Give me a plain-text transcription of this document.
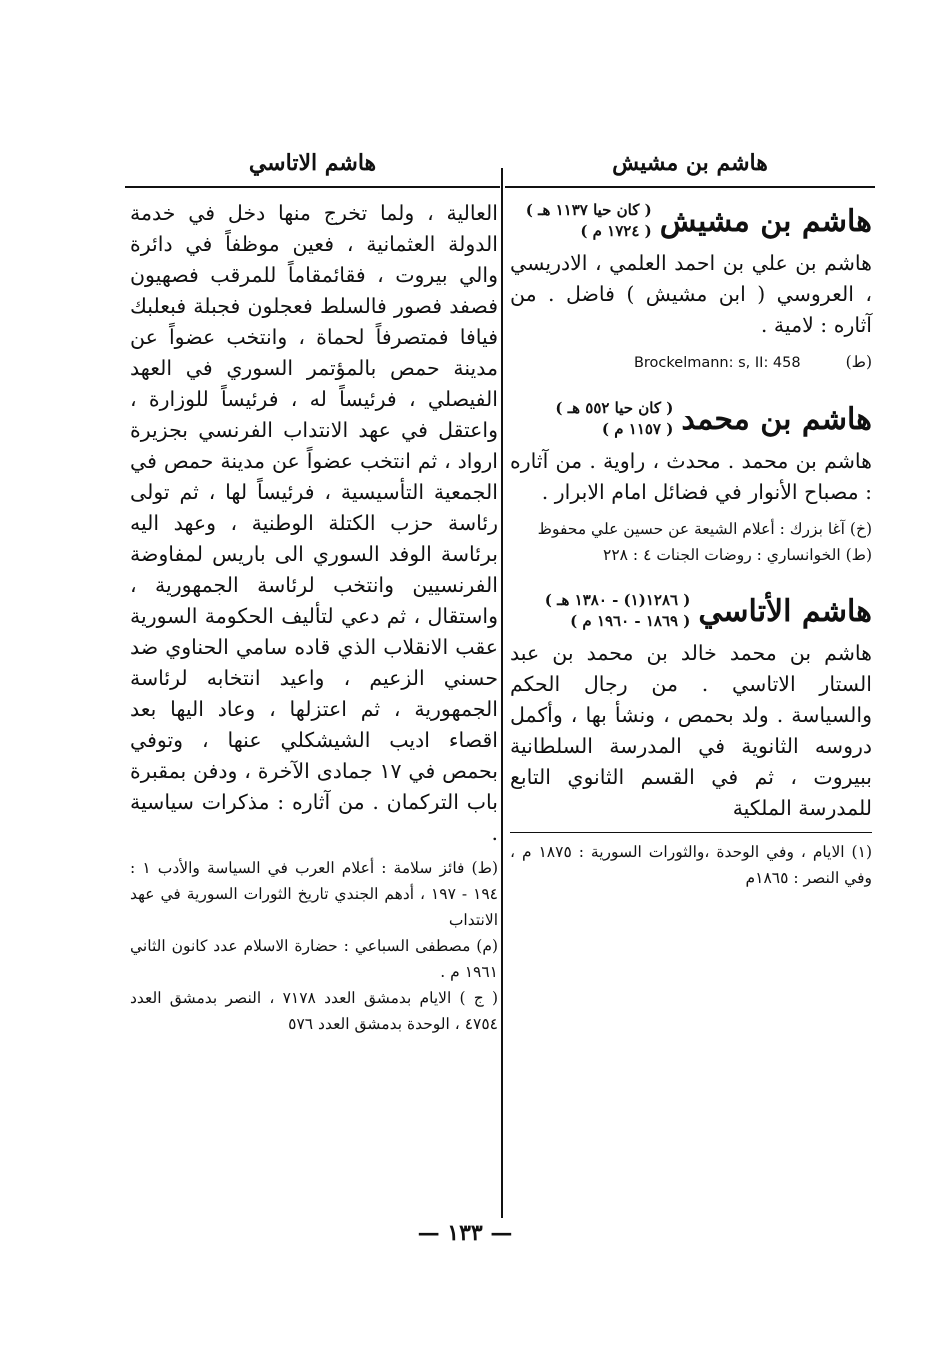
هاشم الاتاسي	هاشم بن مشيش
هاشم بن مشيش
( كان حيا ١١٣٧ هـ )
( ١٧٢٤ م )
هاشم بن علي بن احمد العلمي ، الادريسي ، العروسي ( ابن مشيش ) فاضل . من آثاره : لامية .
(ط) Brockelmann: s, II: 458
هاشم بن محمد
( كان حيا ٥٥٢ هـ )
( ١١٥٧ م )
هاشم بن محمد . محدث ، راوية . من آثاره : مصباح الأنوار في فضائل امام الابرار .
(خ) آغا بزرك : أعلام الشيعة عن حسين علي محفوظ
(ط) الخوانساري : روضات الجنات ٤ : ٢٢٨
هاشم الأتاسي
( ١٢٨٦(١) - ١٣٨٠ هـ )
( ١٨٦٩ - ١٩٦٠ م )
هاشم بن محمد خالد بن محمد بن عبد الستار الاتاسي . من رجال الحكم والسياسة . ولد بحمص ، ونشأ بها ، وأكمل دروسه الثانوية في المدرسة السلطانية ببيروت ، ثم في القسم الثانوي التابع للمدرسة الملكية
(١) الايام ، وفي الوحدة ،والثورات السورية : ١٨٧٥ م ، وفي النصر : ١٨٦٥م
العالية ، ولما تخرج منها دخل في خدمة الدولة العثمانية ، فعين موظفاً في دائرة والي بيروت ، فقائمقاماً للمرقب فصهيون فصفد فصور فالسلط فعجلون فجبلة فبعلبك فيافا فمتصرفاً لحماة ، وانتخب عضواً عن مدينة حمص بالمؤتمر السوري في العهد الفيصلي ، فرئيساً له ، فرئيساً للوزارة ، واعتقل في عهد الانتداب الفرنسي بجزيرة ارواد ، ثم انتخب عضواً عن مدينة حمص في الجمعية التأسيسية ، فرئيساً لها ، ثم تولى رئاسة حزب الكتلة الوطنية ، وعهد اليه برئاسة الوفد السوري الى باريس لمفاوضة الفرنسيين وانتخب لرئاسة الجمهورية ، واستقال ، ثم دعي لتأليف الحكومة السورية عقب الانقلاب الذي قاده سامي الحناوي ضد حسني الزعيم ، واعيد انتخابه لرئاسة الجمهورية ، ثم اعتزلها ، وعاد اليها بعد اقصاء اديب الشيشكلي عنها ، وتوفي بحمص في ١٧ جمادى الآخرة ، ودفن بمقبرة باب التركمان . من آثاره : مذكرات سياسية .
(ط) فائز سلامة : أعلام العرب في السياسة والأدب ١ : ١٩٤ - ١٩٧ ، أدهم الجندي تاريخ الثورات السورية في عهد الانتداب
(م) مصطفى السباعي : حضارة الاسلام عدد كانون الثاني ١٩٦١ م .
( ج ) الايام بدمشق العدد ٧١٧٨ ، النصر بدمشق العدد ٤٧٥٤ ، الوحدة بدمشق العدد ٥٧٦
— ١٣٣ —
